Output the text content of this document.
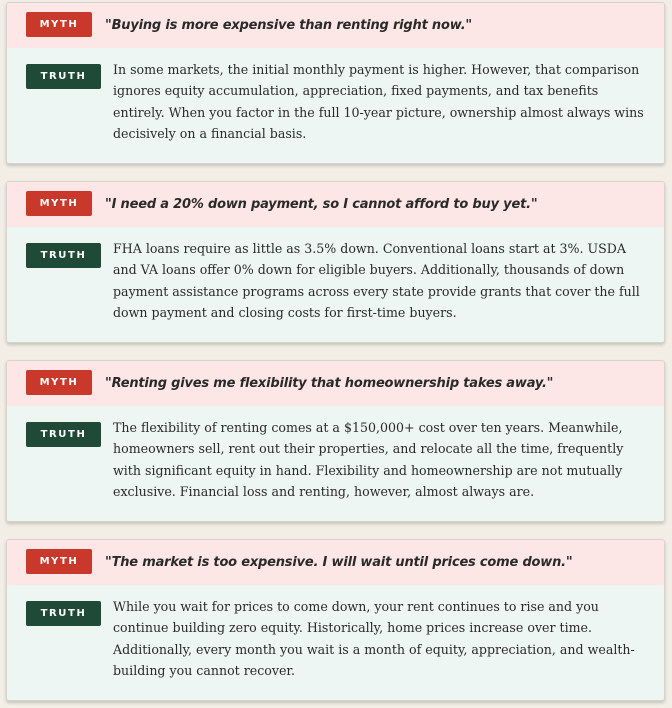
MYTH	"Buying is more expensive than renting right now."
TRUTH	In some markets, the initial monthly payment is higher. However, that comparison ignores equity accumulation, appreciation, fixed payments, and tax benefits entirely. When you factor in the full 10-year picture, ownership almost always wins decisively on a financial basis.

MYTH	"I need a 20% down payment, so I cannot afford to buy yet."
TRUTH	FHA loans require as little as 3.5% down. Conventional loans start at 3%. USDA and VA loans offer 0% down for eligible buyers. Additionally, thousands of down payment assistance programs across every state provide grants that cover the full down payment and closing costs for first-time buyers.

MYTH	"Renting gives me flexibility that homeownership takes away."
TRUTH	The flexibility of renting comes at a $150,000+ cost over ten years. Meanwhile, homeowners sell, rent out their properties, and relocate all the time, frequently with significant equity in hand. Flexibility and homeownership are not mutually exclusive. Financial loss and renting, however, almost always are.

MYTH	"The market is too expensive. I will wait until prices come down."
TRUTH	While you wait for prices to come down, your rent continues to rise and you continue building zero equity. Historically, home prices increase over time. Additionally, every month you wait is a month of equity, appreciation, and wealth-building you cannot recover.
